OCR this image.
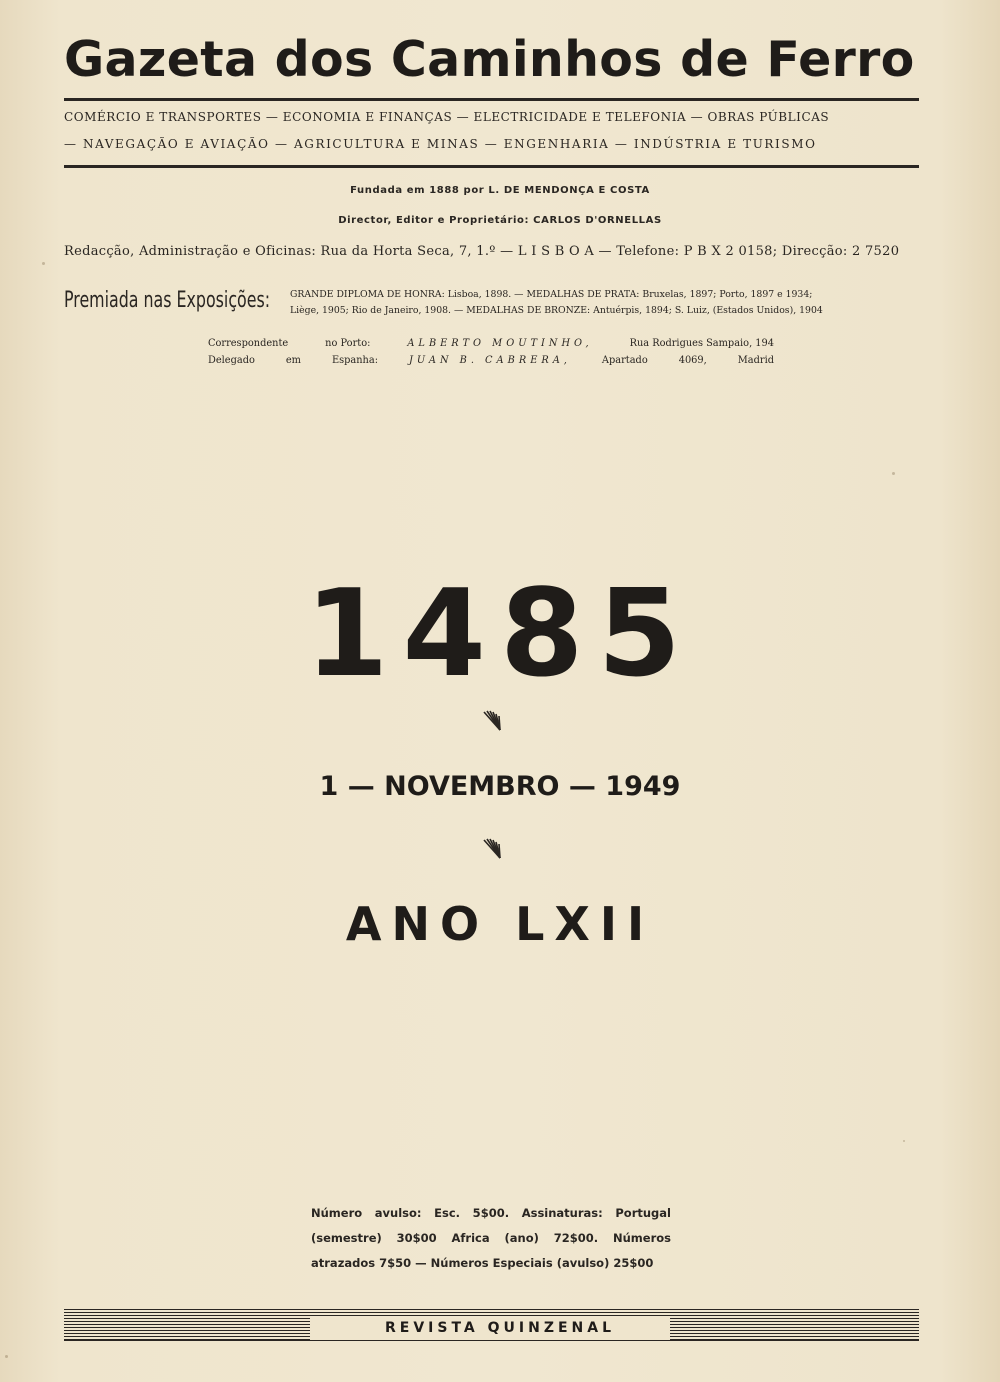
Gazeta dos Caminhos de Ferro
COMÉRCIO E TRANSPORTES — ECONOMIA E FINANÇAS — ELECTRICIDADE E TELEFONIA — OBRAS PÚBLICAS
— NAVEGAÇÃO E AVIAÇÃO — AGRICULTURA E MINAS — ENGENHARIA — INDÚSTRIA E TURISMO
Fundada em 1888 por L. DE MENDONÇA E COSTA
Director, Editor e Proprietário: CARLOS D'ORNELLAS
Redacção, Administração e Oficinas: Rua da Horta Seca, 7, 1.º — L I S B O A — Telefone: P B X 2 0158; Direcção: 2 7520
Premiada nas Exposições: GRANDE DIPLOMA DE HONRA: Lisboa, 1898. — MEDALHAS DE PRATA: Bruxelas, 1897; Porto, 1897 e 1934;
Liège, 1905; Rio de Janeiro, 1908. — MEDALHAS DE BRONZE: Antuérpis, 1894; S. Luiz, (Estados Unidos), 1904
Correspondente	no Porto:	ALBERTO MOUTINHO,	Rua Rodrigues Sampaio, 194
Delegado	em	Espanha:	JUAN B. CABRERA,	Apartado	4069,	Madrid
1485
1 — NOVEMBRO — 1949
ANO LXII
Número avulso: Esc. 5$00. Assinaturas: Portugal (semestre) 30$00 Africa (ano) 72$00. Números atrazados 7$50 — Números Especiais (avulso) 25$00
REVISTA QUINZENAL
